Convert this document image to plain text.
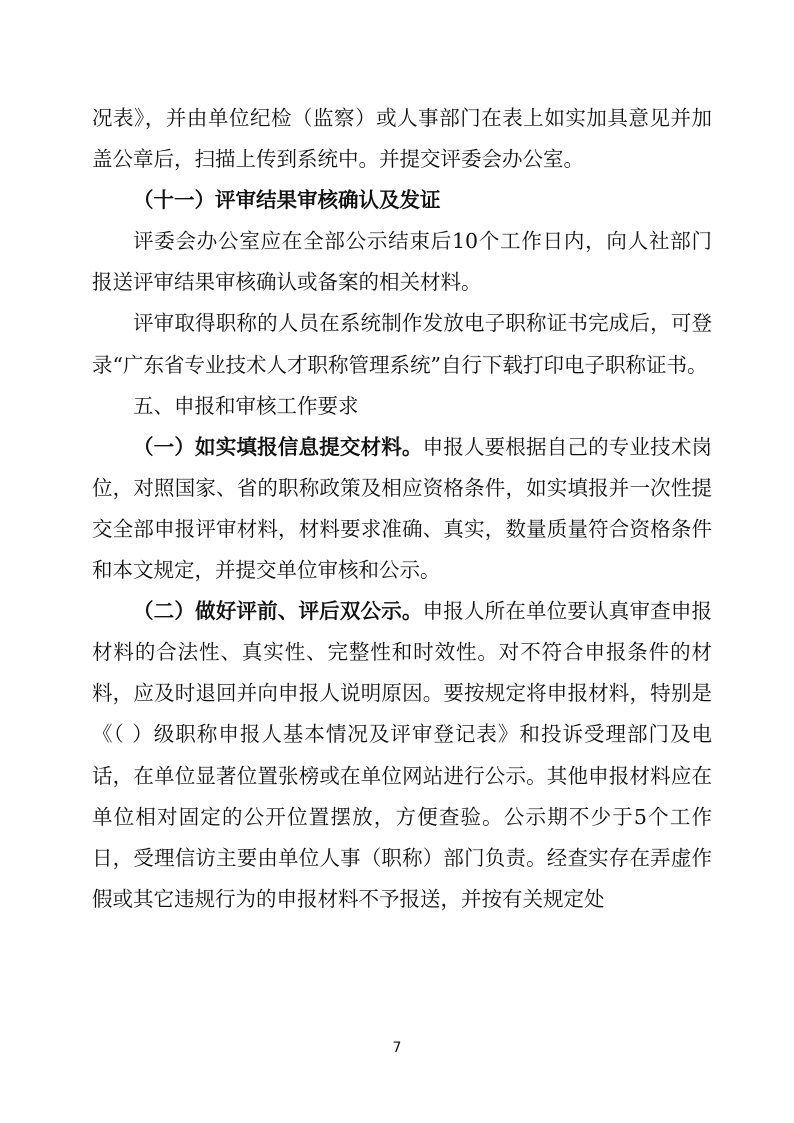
况表》，并由单位纪检（监察）或人事部门在表上如实加具意见并加盖公章后，扫描上传到系统中。并提交评委会办公室。

（十一）评审结果审核确认及发证

评委会办公室应在全部公示结束后10个工作日内，向人社部门报送评审结果审核确认或备案的相关材料。

评审取得职称的人员在系统制作发放电子职称证书完成后，可登录“广东省专业技术人才职称管理系统”自行下载打印电子职称证书。

五、申报和审核工作要求

（一）如实填报信息提交材料。申报人要根据自己的专业技术岗位，对照国家、省的职称政策及相应资格条件，如实填报并一次性提交全部申报评审材料，材料要求准确、真实，数量质量符合资格条件和本文规定，并提交单位审核和公示。

（二）做好评前、评后双公示。申报人所在单位要认真审查申报材料的合法性、真实性、完整性和时效性。对不符合申报条件的材料，应及时退回并向申报人说明原因。要按规定将申报材料，特别是《（ ）级职称申报人基本情况及评审登记表》和投诉受理部门及电话，在单位显著位置张榜或在单位网站进行公示。其他申报材料应在单位相对固定的公开位置摆放，方便查验。公示期不少于5个工作日，受理信访主要由单位人事（职称）部门负责。经查实存在弄虚作假或其它违规行为的申报材料不予报送，并按有关规定处

7
